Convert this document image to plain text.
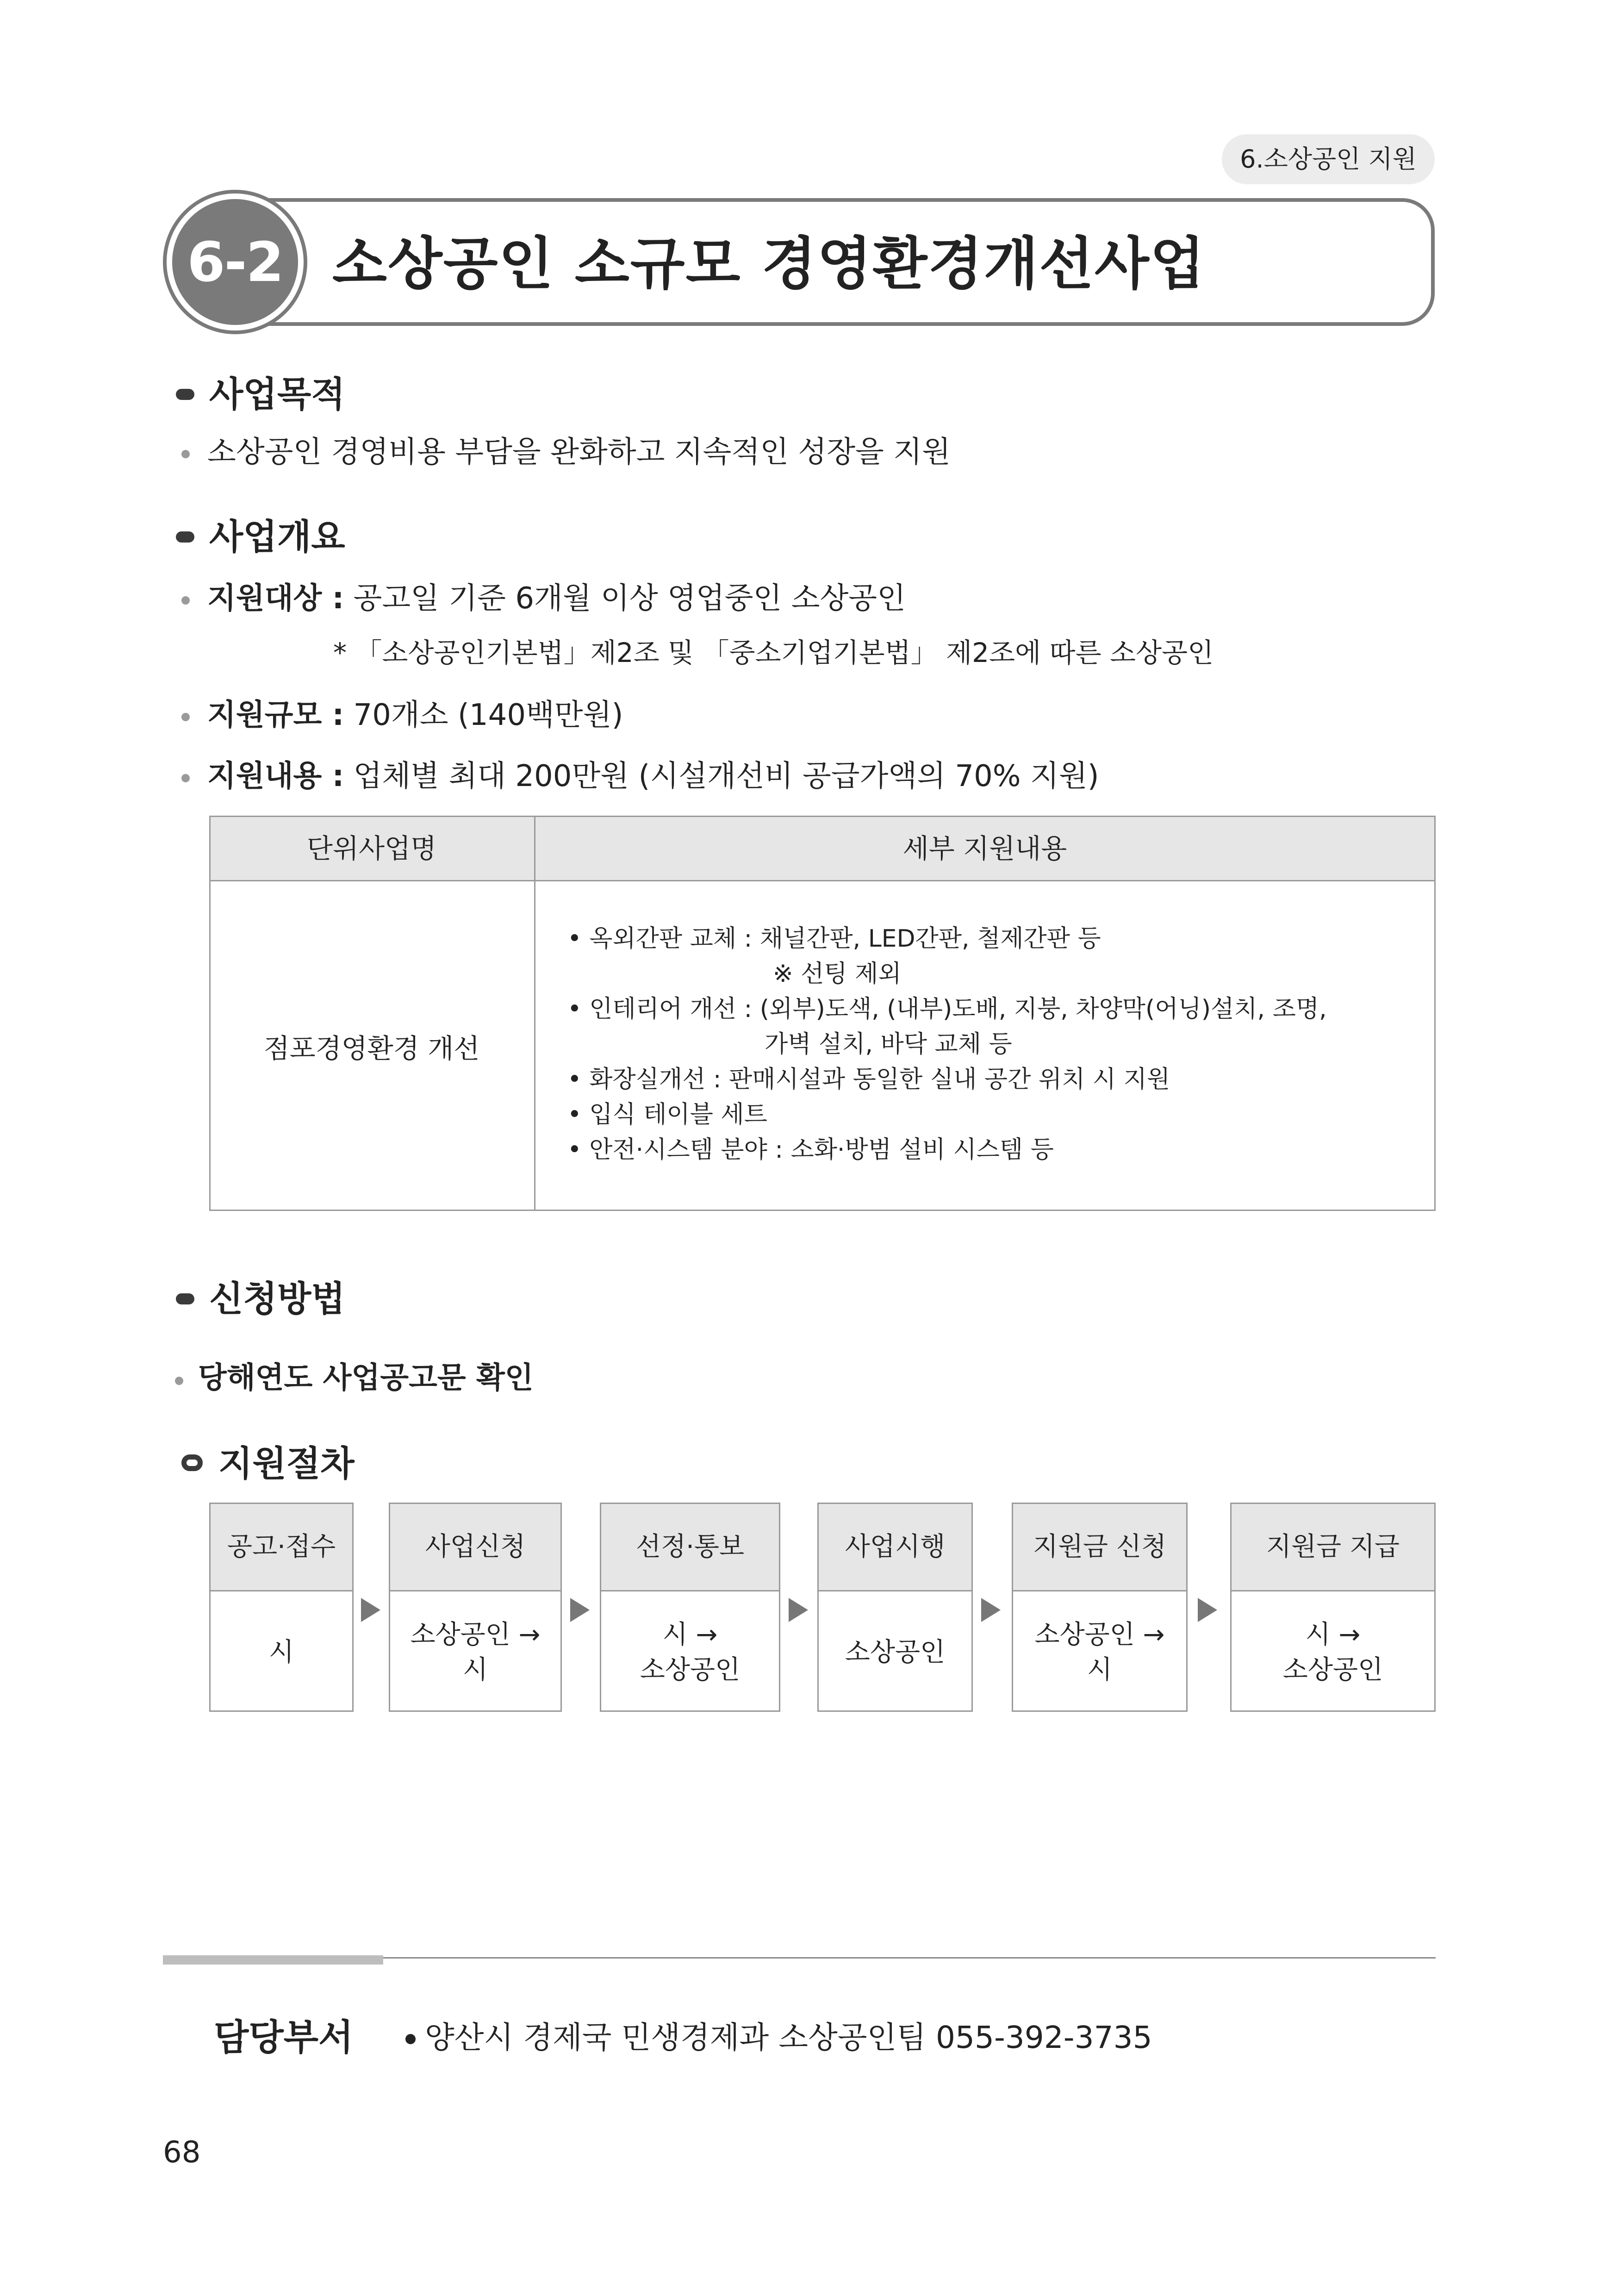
6.소상공인 지원
6-2 소상공인 소규모 경영환경개선사업
사업목적
소상공인 경영비용 부담을 완화하고 지속적인 성장을 지원
사업개요
지원대상 : 공고일 기준 6개월 이상 영업중인 소상공인
* 「소상공인기본법」제2조 및 「중소기업기본법」 제2조에 따른 소상공인
지원규모 : 70개소 (140백만원)
지원내용 : 업체별 최대 200만원 (시설개선비 공급가액의 70% 지원)
단위사업명	세부 지원내용
점포경영환경 개선
• 옥외간판 교체 : 채널간판, LED간판, 철제간판 등
※ 선팅 제외
• 인테리어 개선 : (외부)도색, (내부)도배, 지붕, 차양막(어닝)설치, 조명,
가벽 설치, 바닥 교체 등
• 화장실개선 : 판매시설과 동일한 실내 공간 위치 시 지원
• 입식 테이블 세트
• 안전·시스템 분야 : 소화·방범 설비 시스템 등
신청방법
당해연도 사업공고문 확인
지원절차
공고·접수
시
사업신청
소상공인 →
시
선정·통보
시 →
소상공인
사업시행
소상공인
지원금 신청
소상공인 →
시
지원금 지급
시 →
소상공인
담당부서 양산시 경제국 민생경제과 소상공인팀 055-392-3735
68
